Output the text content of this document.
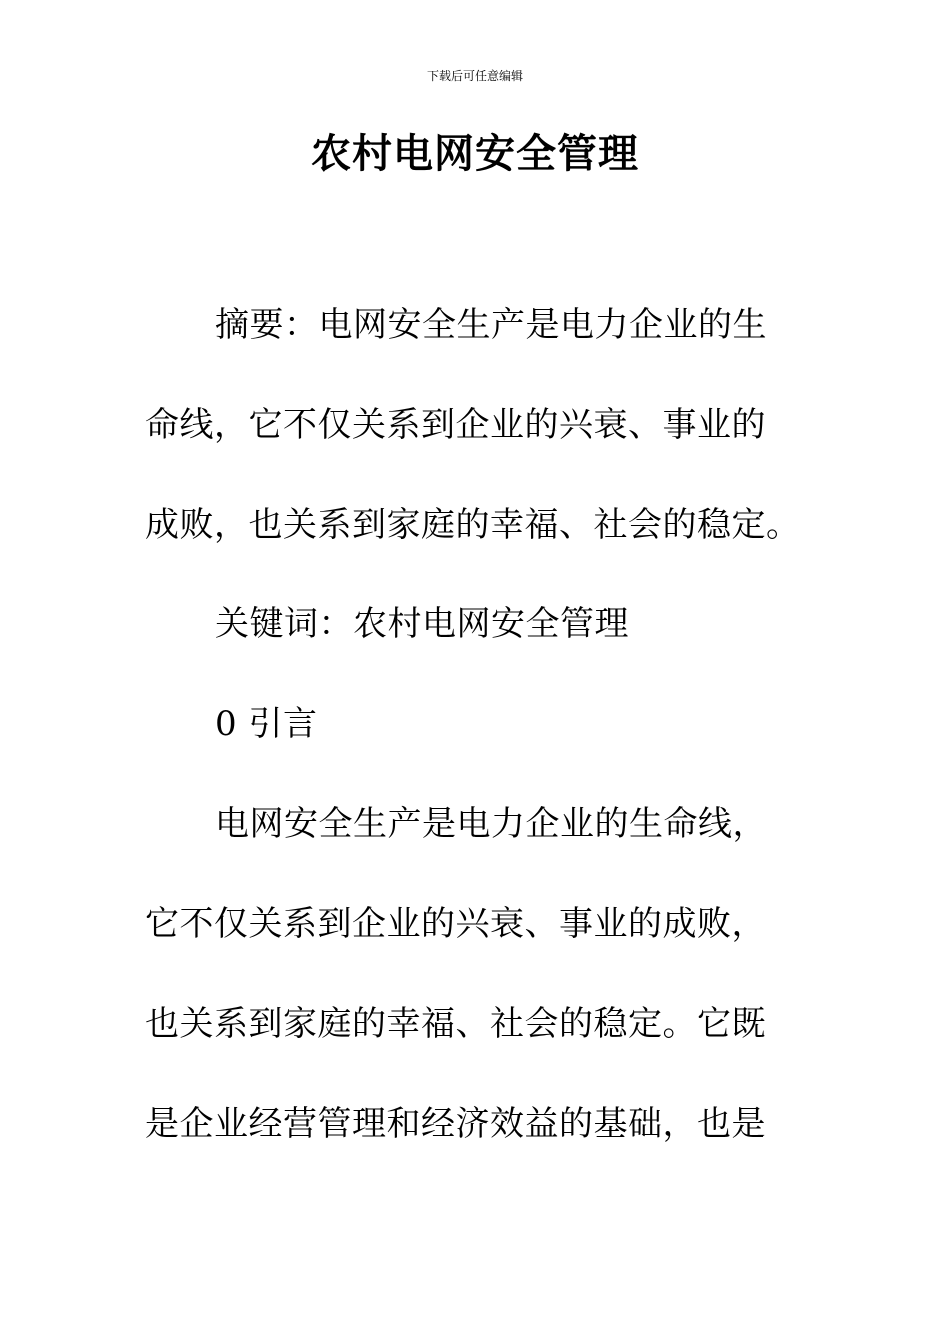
下载后可任意编辑
农村电网安全管理
摘要：电网安全生产是电力企业的生
命线，它不仅关系到企业的兴衰、事业的
成败，也关系到家庭的幸福、社会的稳定。
关键词：农村电网安全管理
0 引言
电网安全生产是电力企业的生命线，
它不仅关系到企业的兴衰、事业的成败，
也关系到家庭的幸福、社会的稳定。它既
是企业经营管理和经济效益的基础，也是
